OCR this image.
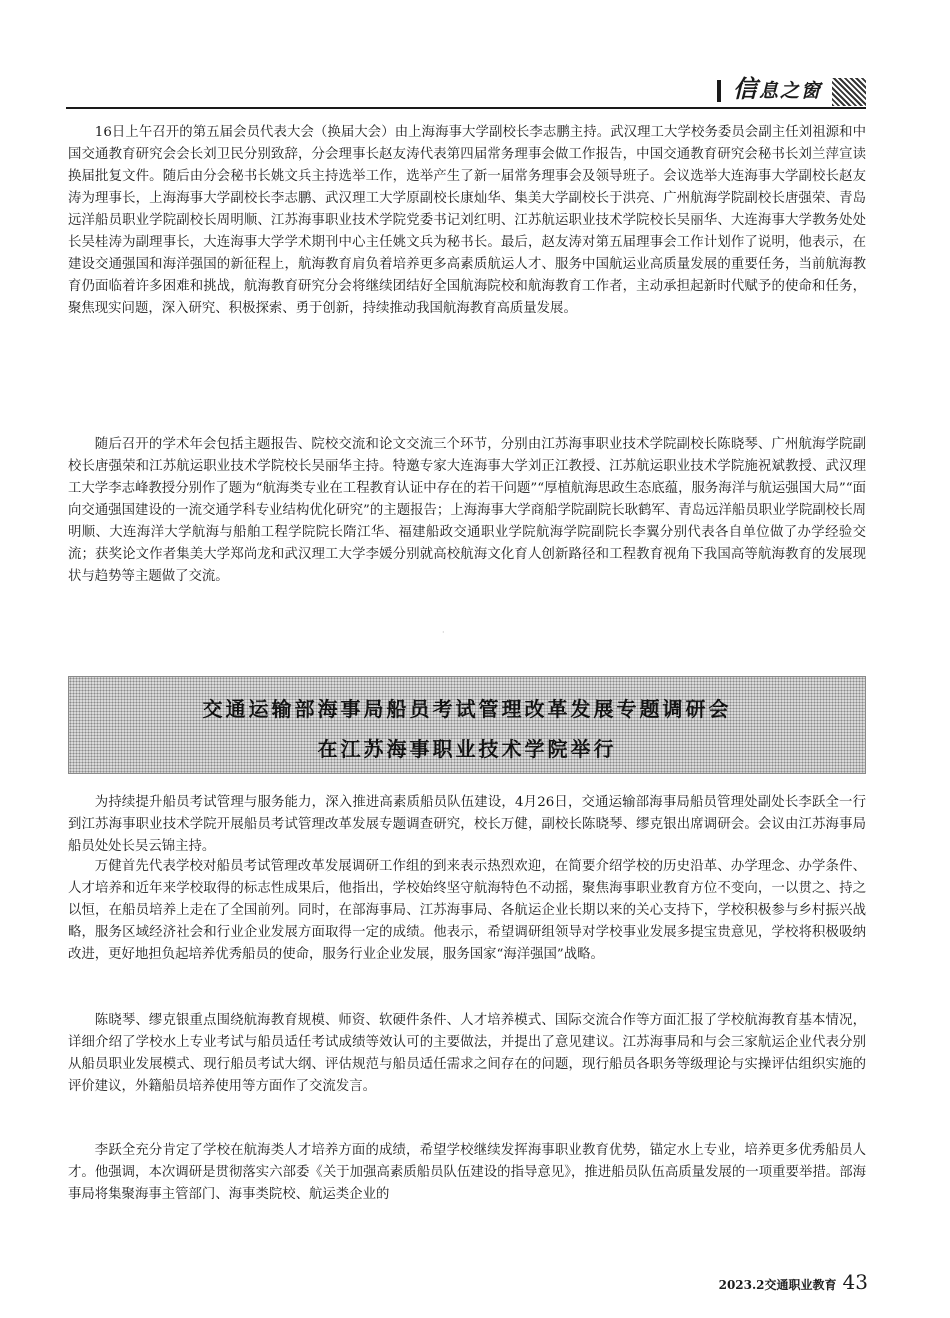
信息之窗

16日上午召开的第五届会员代表大会（换届大会）由上海海事大学副校长李志鹏主持。武汉理工大学校务委员会副主任刘祖源和中国交通教育研究会会长刘卫民分别致辞，分会理事长赵友涛代表第四届常务理事会做工作报告，中国交通教育研究会秘书长刘兰萍宣读换届批复文件。随后由分会秘书长姚文兵主持选举工作，选举产生了新一届常务理事会及领导班子。会议选举大连海事大学副校长赵友涛为理事长，上海海事大学副校长李志鹏、武汉理工大学原副校长康灿华、集美大学副校长于洪亮、广州航海学院副校长唐强荣、青岛远洋船员职业学院副校长周明顺、江苏海事职业技术学院党委书记刘红明、江苏航运职业技术学院校长吴丽华、大连海事大学教务处处长吴桂涛为副理事长，大连海事大学学术期刊中心主任姚文兵为秘书长。最后，赵友涛对第五届理事会工作计划作了说明，他表示，在建设交通强国和海洋强国的新征程上，航海教育肩负着培养更多高素质航运人才、服务中国航运业高质量发展的重要任务，当前航海教育仍面临着许多困难和挑战，航海教育研究分会将继续团结好全国航海院校和航海教育工作者，主动承担起新时代赋予的使命和任务，聚焦现实问题，深入研究、积极探索、勇于创新，持续推动我国航海教育高质量发展。

随后召开的学术年会包括主题报告、院校交流和论文交流三个环节，分别由江苏海事职业技术学院副校长陈晓琴、广州航海学院副校长唐强荣和江苏航运职业技术学院校长吴丽华主持。特邀专家大连海事大学刘正江教授、江苏航运职业技术学院施祝斌教授、武汉理工大学李志峰教授分别作了题为“航海类专业在工程教育认证中存在的若干问题”“厚植航海思政生态底蕴，服务海洋与航运强国大局”“面向交通强国建设的一流交通学科专业结构优化研究”的主题报告；上海海事大学商船学院副院长耿鹤军、青岛远洋船员职业学院副校长周明顺、大连海洋大学航海与船舶工程学院院长隋江华、福建船政交通职业学院航海学院副院长李翼分别代表各自单位做了办学经验交流；获奖论文作者集美大学郑尚龙和武汉理工大学李媛分别就高校航海文化育人创新路径和工程教育视角下我国高等航海教育的发展现状与趋势等主题做了交流。

·
交通运输部海事局船员考试管理改革发展专题调研会
在江苏海事职业技术学院举行

为持续提升船员考试管理与服务能力，深入推进高素质船员队伍建设，4月26日，交通运输部海事局船员管理处副处长李跃全一行到江苏海事职业技术学院开展船员考试管理改革发展专题调查研究，校长万健，副校长陈晓琴、缪克银出席调研会。会议由江苏海事局船员处处长吴云锦主持。

万健首先代表学校对船员考试管理改革发展调研工作组的到来表示热烈欢迎，在简要介绍学校的历史沿革、办学理念、办学条件、人才培养和近年来学校取得的标志性成果后，他指出，学校始终坚守航海特色不动摇，聚焦海事职业教育方位不变向，一以贯之、持之以恒，在船员培养上走在了全国前列。同时，在部海事局、江苏海事局、各航运企业长期以来的关心支持下，学校积极参与乡村振兴战略，服务区域经济社会和行业企业发展方面取得一定的成绩。他表示，希望调研组领导对学校事业发展多提宝贵意见，学校将积极吸纳改进，更好地担负起培养优秀船员的使命，服务行业企业发展，服务国家“海洋强国”战略。

陈晓琴、缪克银重点围绕航海教育规模、师资、软硬件条件、人才培养模式、国际交流合作等方面汇报了学校航海教育基本情况，详细介绍了学校水上专业考试与船员适任考试成绩等效认可的主要做法，并提出了意见建议。江苏海事局和与会三家航运企业代表分别从船员职业发展模式、现行船员考试大纲、评估规范与船员适任需求之间存在的问题，现行船员各职务等级理论与实操评估组织实施的评价建议，外籍船员培养使用等方面作了交流发言。

李跃全充分肯定了学校在航海类人才培养方面的成绩，希望学校继续发挥海事职业教育优势，锚定水上专业，培养更多优秀船员人才。他强调，本次调研是贯彻落实六部委《关于加强高素质船员队伍建设的指导意见》，推进船员队伍高质量发展的一项重要举措。部海事局将集聚海事主管部门、海事类院校、航运类企业的

2023.2交通职业教育 43
